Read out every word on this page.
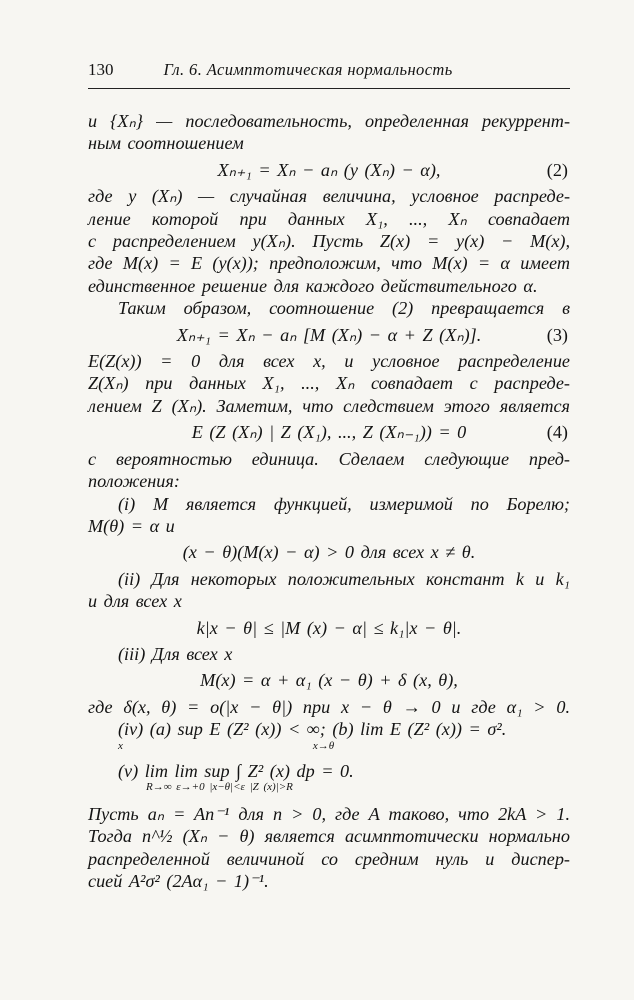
130	Гл. 6. Асимптотическая нормальность
и {Xₙ} — последовательность, определенная рекуррент-
ным соотношением
Xₙ₊₁ = Xₙ − aₙ (y (Xₙ) − α),	(2)
где y (Xₙ) — случайная величина, условное распреде-
ление которой при данных X₁, ..., Xₙ совпадает
с распределением y(Xₙ). Пусть Z(x) = y(x) − M(x),
где M(x) = E (y(x)); предположим, что M(x) = α имеет
единственное решение для каждого действительного α.
Таким образом, соотношение (2) превращается в
Xₙ₊₁ = Xₙ − aₙ [M (Xₙ) − α + Z (Xₙ)].	(3)
E(Z(x)) = 0 для всех x, и условное распределение
Z(Xₙ) при данных X₁, ..., Xₙ совпадает с распреде-
лением Z (Xₙ). Заметим, что следствием этого является
E (Z (Xₙ) | Z (X₁), ..., Z (Xₙ₋₁)) = 0	(4)
с вероятностью единица. Сделаем следующие пред-
положения:
(i) M является функцией, измеримой по Борелю;
M(θ) = α и
(x − θ)(M(x) − α) > 0 для всех x ≠ θ.
(ii) Для некоторых положительных констант k и k₁
и для всех x
k|x − θ| ≤ |M (x) − α| ≤ k₁|x − θ|.
(iii) Для всех x
M(x) = α + α₁ (x − θ) + δ (x, θ),
где δ(x, θ) = o(|x − θ|) при x − θ → 0 и где α₁ > 0.
(iv) (a) sup E (Z² (x)) < ∞; (b) lim E (Z² (x)) = σ².
x                                        x→θ
(v) lim lim sup ∫ Z² (x) dp = 0.
R→∞ ε→+0 |x−θ|<ε |Z (x)|>R
Пусть aₙ = An⁻¹ для n > 0, где A таково, что 2kA > 1.
Тогда n^½ (Xₙ − θ) является асимптотически нормально
распределенной величиной со средним нуль и диспер-
сией A²σ² (2Aα₁ − 1)⁻¹.
